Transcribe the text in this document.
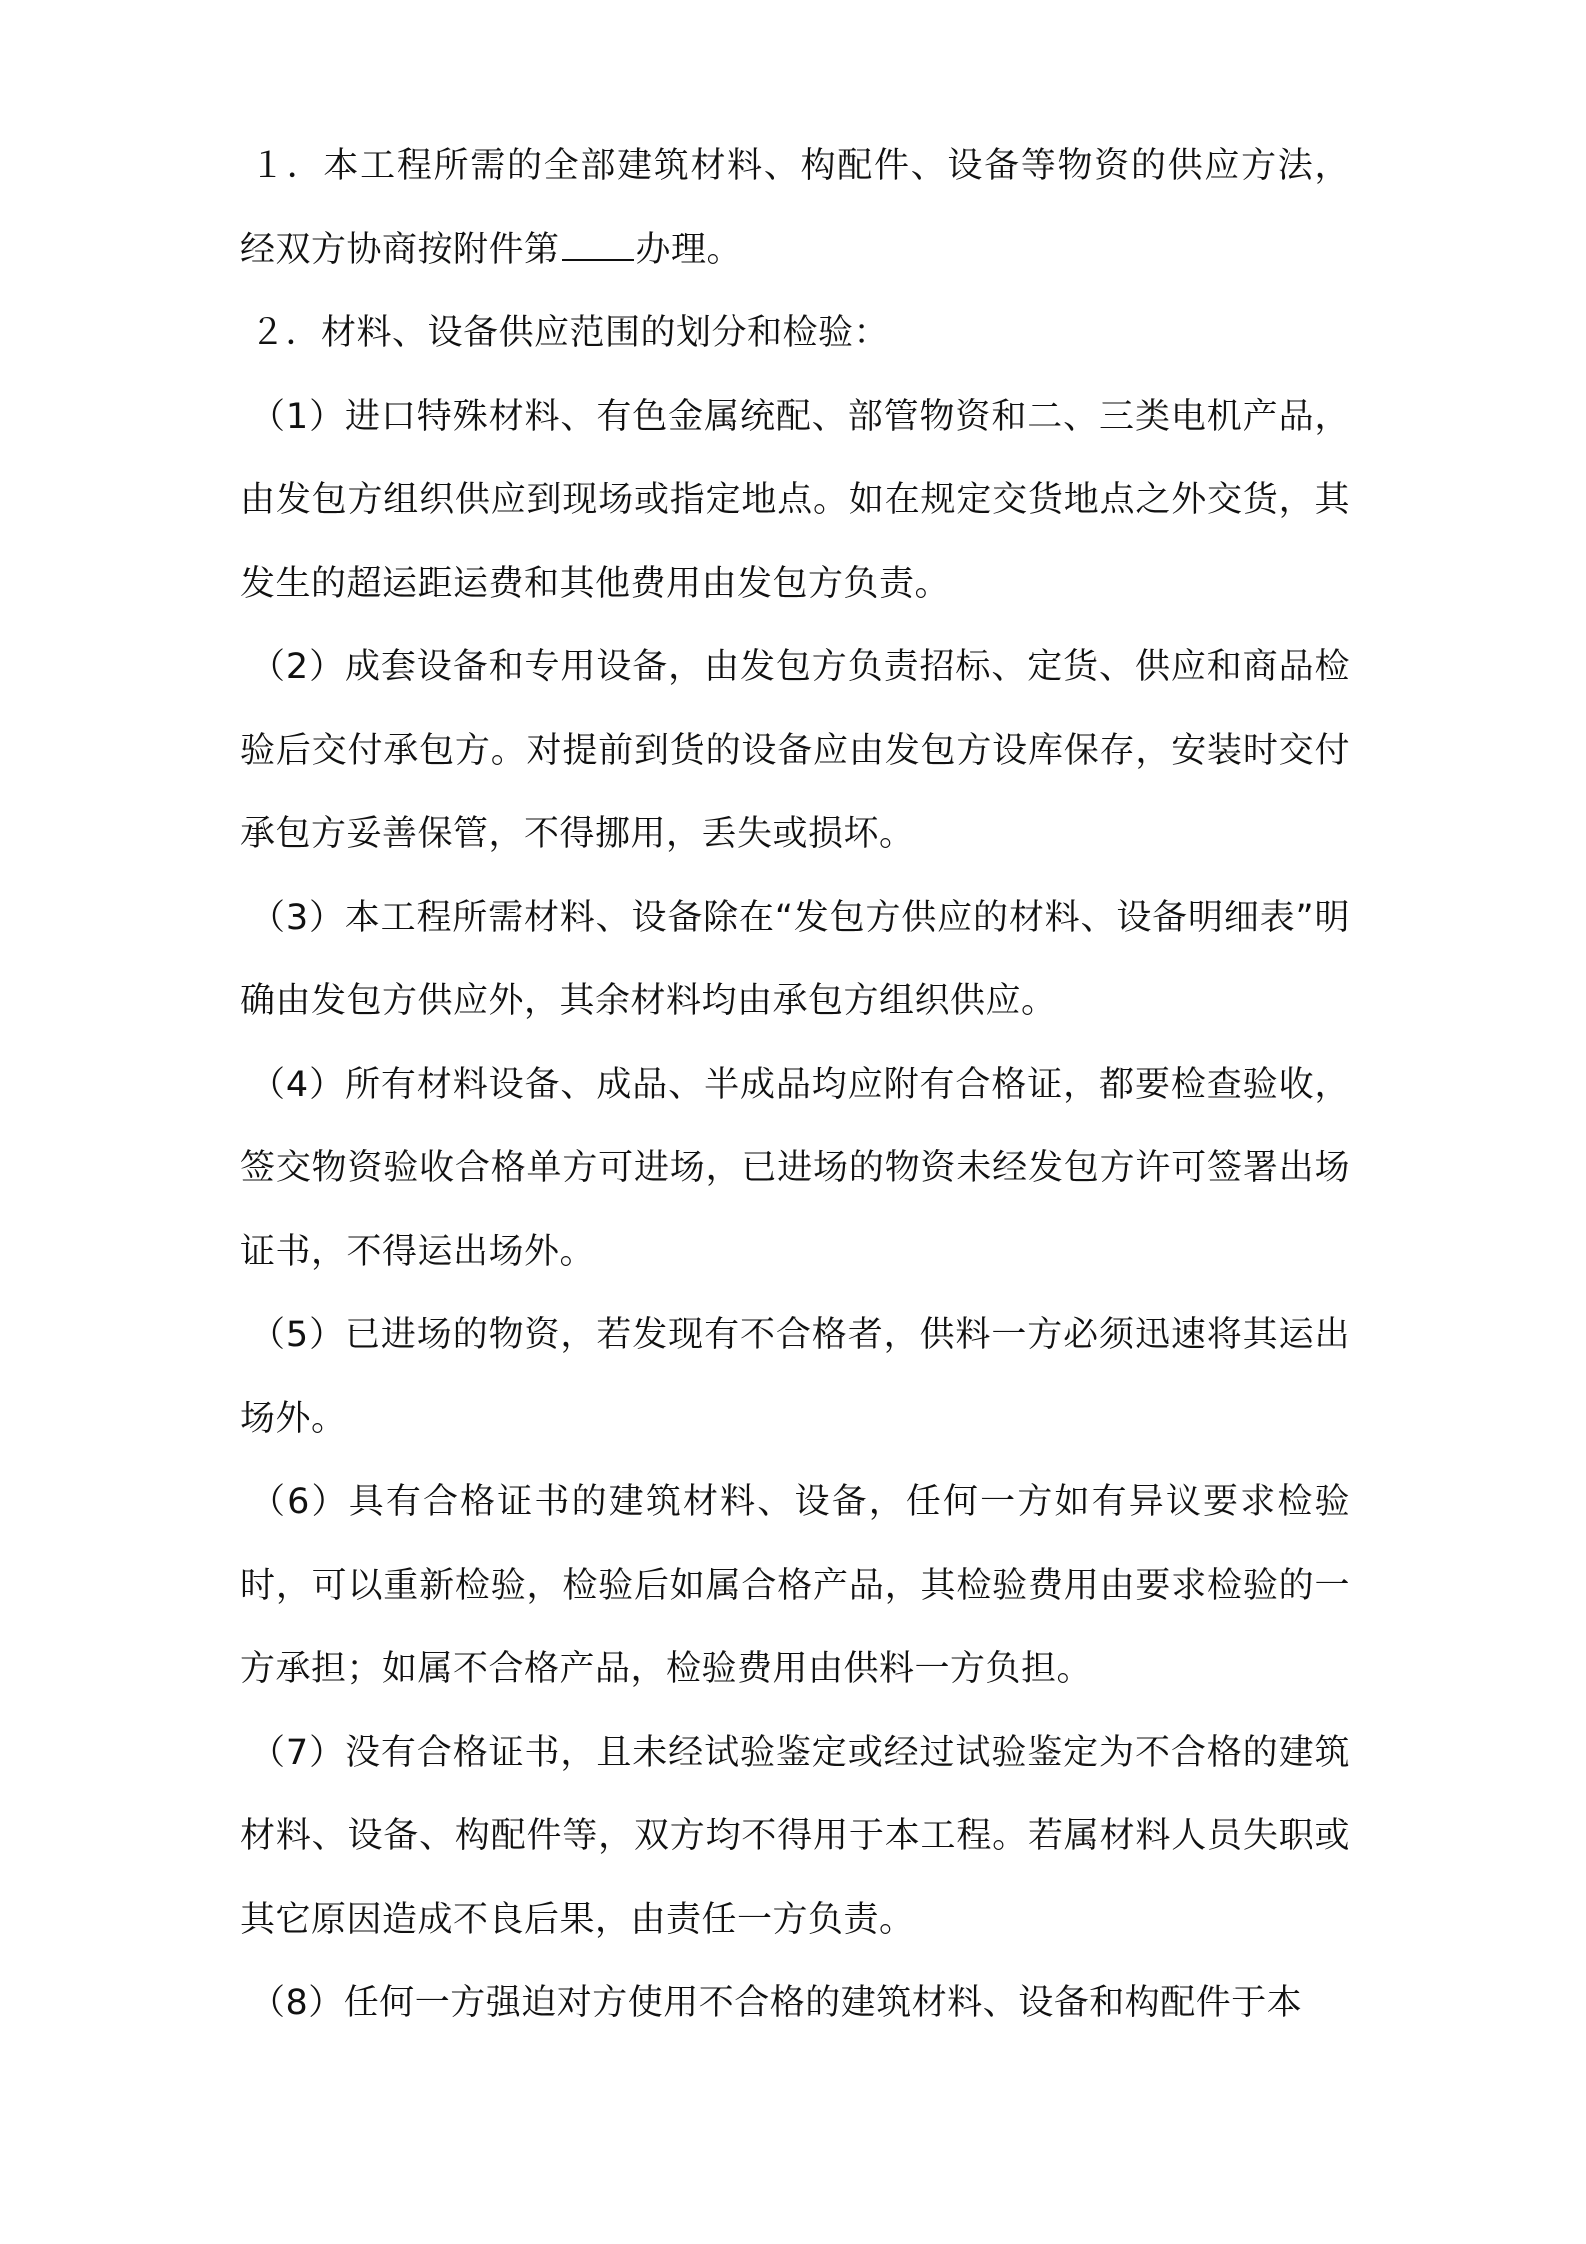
１．本工程所需的全部建筑材料、构配件、设备等物资的供应方法，经双方协商按附件第 办理。

２．材料、设备供应范围的划分和检验：

（1）进口特殊材料、有色金属统配、部管物资和二、三类电机产品，由发包方组织供应到现场或指定地点。如在规定交货地点之外交货，其发生的超运距运费和其他费用由发包方负责。

（2）成套设备和专用设备，由发包方负责招标、定货、供应和商品检验后交付承包方。对提前到货的设备应由发包方设库保存，安装时交付承包方妥善保管，不得挪用，丢失或损坏。

（3）本工程所需材料、设备除在“发包方供应的材料、设备明细表”明确由发包方供应外，其余材料均由承包方组织供应。

（4）所有材料设备、成品、半成品均应附有合格证，都要检查验收，签交物资验收合格单方可进场，已进场的物资未经发包方许可签署出场证书，不得运出场外。

（5）已进场的物资，若发现有不合格者，供料一方必须迅速将其运出场外。

（6）具有合格证书的建筑材料、设备，任何一方如有异议要求检验时，可以重新检验，检验后如属合格产品，其检验费用由要求检验的一方承担；如属不合格产品，检验费用由供料一方负担。

（7）没有合格证书，且未经试验鉴定或经过试验鉴定为不合格的建筑材料、设备、构配件等，双方均不得用于本工程。若属材料人员失职或其它原因造成不良后果，由责任一方负责。

（8）任何一方强迫对方使用不合格的建筑材料、设备和构配件于本
